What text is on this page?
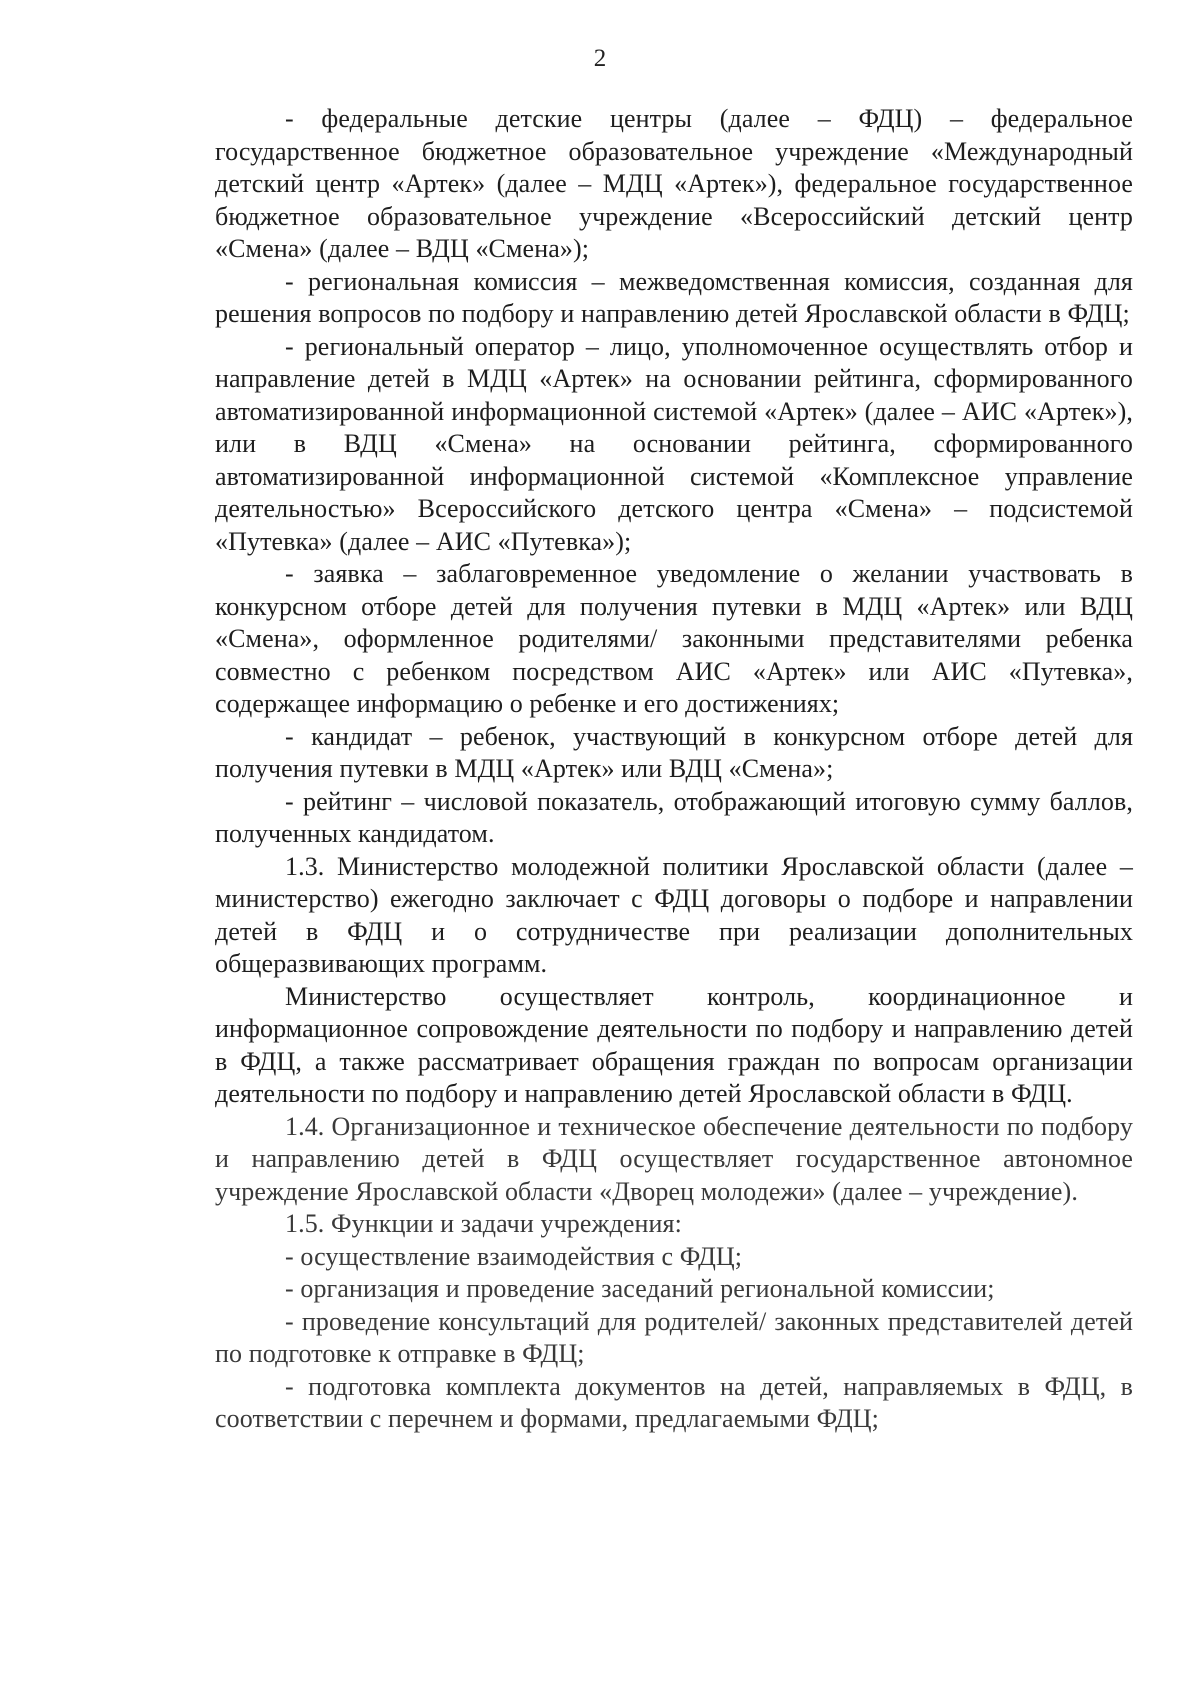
2

- федеральные детские центры (далее – ФДЦ) – федеральное государственное бюджетное образовательное учреждение «Международный детский центр «Артек» (далее – МДЦ «Артек»), федеральное государственное бюджетное образовательное учреждение «Всероссийский детский центр «Смена» (далее – ВДЦ «Смена»);

- региональная комиссия – межведомственная комиссия, созданная для решения вопросов по подбору и направлению детей Ярославской области в ФДЦ;

- региональный оператор – лицо, уполномоченное осуществлять отбор и направление детей в МДЦ «Артек» на основании рейтинга, сформированного автоматизированной информационной системой «Артек» (далее – АИС «Артек»), или в ВДЦ «Смена» на основании рейтинга, сформированного автоматизированной информационной системой «Комплексное управление деятельностью» Всероссийского детского центра «Смена» – подсистемой «Путевка» (далее – АИС «Путевка»);

- заявка – заблаговременное уведомление о желании участвовать в конкурсном отборе детей для получения путевки в МДЦ «Артек» или ВДЦ «Смена», оформленное родителями/ законными представителями ребенка совместно с ребенком посредством АИС «Артек» или АИС «Путевка», содержащее информацию о ребенке и его достижениях;

- кандидат – ребенок, участвующий в конкурсном отборе детей для получения путевки в МДЦ «Артек» или ВДЦ «Смена»;

- рейтинг – числовой показатель, отображающий итоговую сумму баллов, полученных кандидатом.

1.3. Министерство молодежной политики Ярославской области (далее – министерство) ежегодно заключает с ФДЦ договоры о подборе и направлении детей в ФДЦ и о сотрудничестве при реализации дополнительных общеразвивающих программ.

Министерство осуществляет контроль, координационное и информационное сопровождение деятельности по подбору и направлению детей в ФДЦ, а также рассматривает обращения граждан по вопросам организации деятельности по подбору и направлению детей Ярославской области в ФДЦ.

1.4. Организационное и техническое обеспечение деятельности по подбору и направлению детей в ФДЦ осуществляет государственное автономное учреждение Ярославской области «Дворец молодежи» (далее – учреждение).

1.5. Функции и задачи учреждения:

- осуществление взаимодействия с ФДЦ;

- организация и проведение заседаний региональной комиссии;

- проведение консультаций для родителей/ законных представителей детей по подготовке к отправке в ФДЦ;

- подготовка комплекта документов на детей, направляемых в ФДЦ, в соответствии с перечнем и формами, предлагаемыми ФДЦ;
